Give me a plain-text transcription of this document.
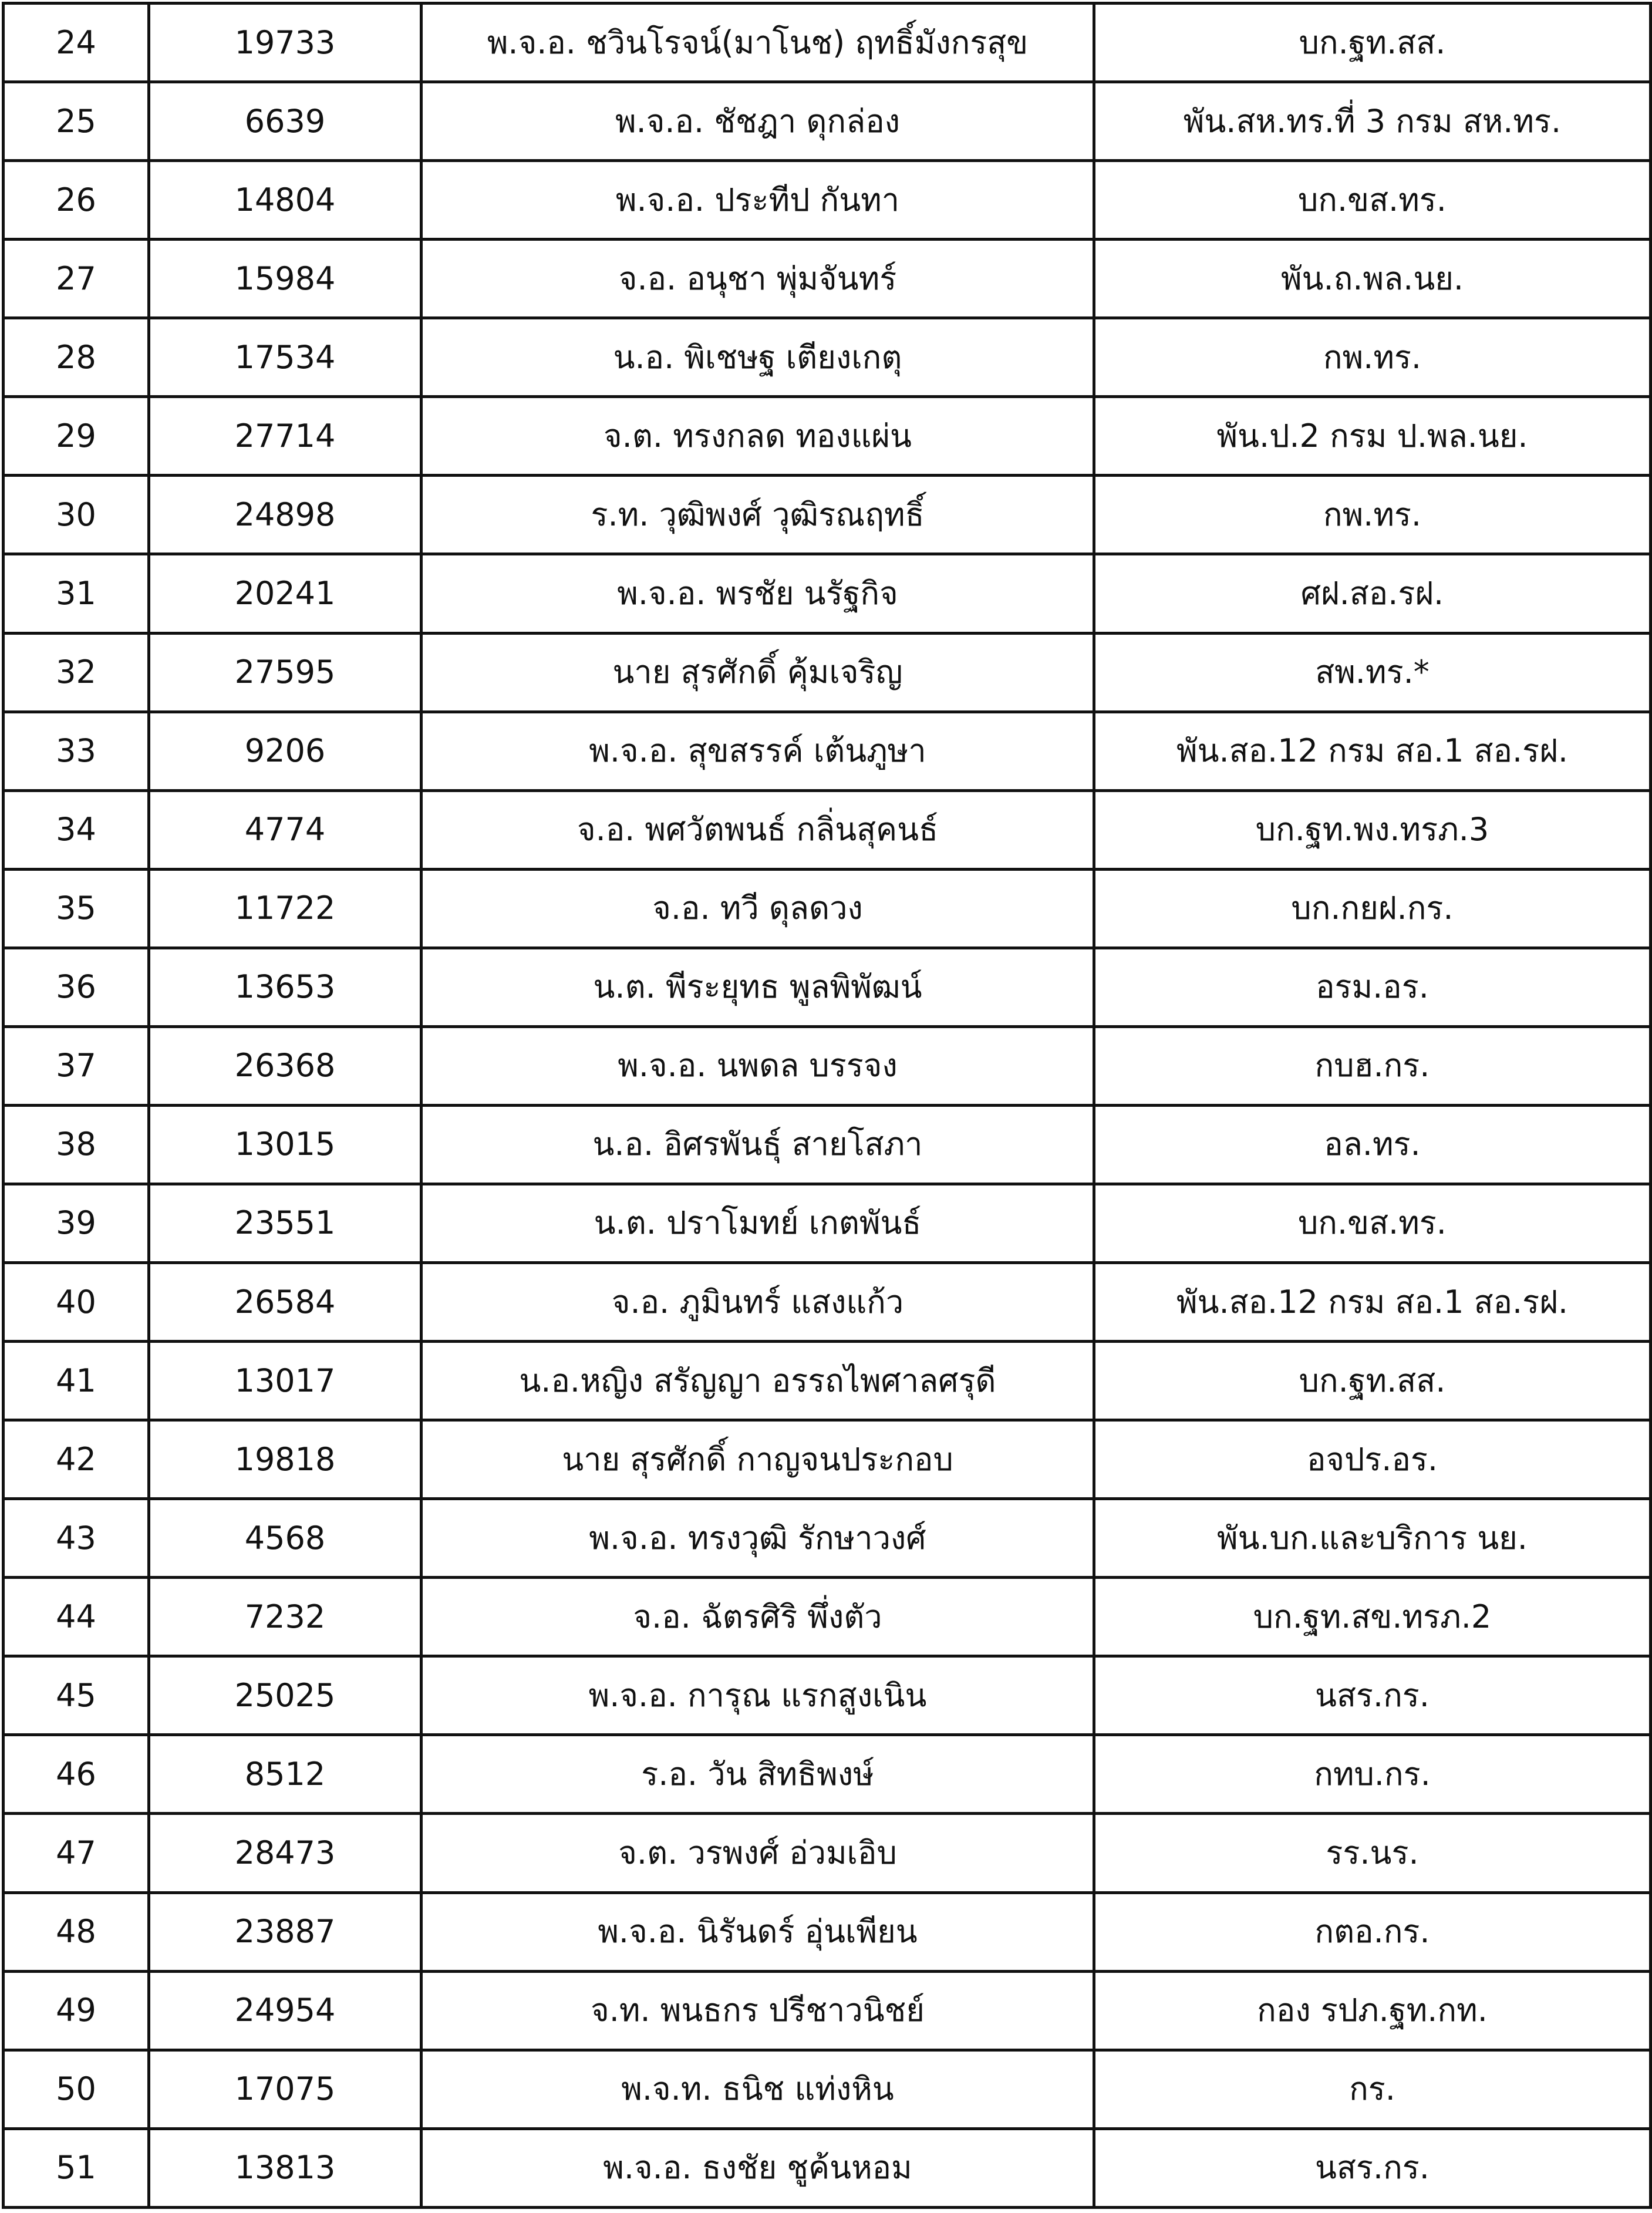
24	19733	พ.จ.อ. ชวินโรจน์(มาโนช) ฤทธิ์มังกรสุข	บก.ฐท.สส.
25	6639	พ.จ.อ. ชัชฎา ดุกล่อง	พัน.สห.ทร.ที่ 3 กรม สห.ทร.
26	14804	พ.จ.อ. ประทีป กันทา	บก.ขส.ทร.
27	15984	จ.อ. อนุชา พุ่มจันทร์	พัน.ถ.พล.นย.
28	17534	น.อ. พิเชษฐ เตียงเกตุ	กพ.ทร.
29	27714	จ.ต. ทรงกลด ทองแผ่น	พัน.ป.2 กรม ป.พล.นย.
30	24898	ร.ท. วุฒิพงศ์ วุฒิรณฤทธิ์	กพ.ทร.
31	20241	พ.จ.อ. พรชัย นรัฐกิจ	ศฝ.สอ.รฝ.
32	27595	นาย สุรศักดิ์ คุ้มเจริญ	สพ.ทร.*
33	9206	พ.จ.อ. สุขสรรค์ เต้นภูษา	พัน.สอ.12 กรม สอ.1 สอ.รฝ.
34	4774	จ.อ. พศวัตพนธ์ กลิ่นสุคนธ์	บก.ฐท.พง.ทรภ.3
35	11722	จ.อ. ทวี ดุลดวง	บก.กยฝ.กร.
36	13653	น.ต. พีระยุทธ พูลพิพัฒน์	อรม.อร.
37	26368	พ.จ.อ. นพดล บรรจง	กบฮ.กร.
38	13015	น.อ. อิศรพันธุ์ สายโสภา	อล.ทร.
39	23551	น.ต. ปราโมทย์ เกตพันธ์	บก.ขส.ทร.
40	26584	จ.อ. ภูมินทร์ แสงแก้ว	พัน.สอ.12 กรม สอ.1 สอ.รฝ.
41	13017	น.อ.หญิง สรัญญา อรรถไพศาลศรุดี	บก.ฐท.สส.
42	19818	นาย สุรศักดิ์ กาญจนประกอบ	อจปร.อร.
43	4568	พ.จ.อ. ทรงวุฒิ รักษาวงศ์	พัน.บก.และบริการ นย.
44	7232	จ.อ. ฉัตรศิริ พึ่งตัว	บก.ฐท.สข.ทรภ.2
45	25025	พ.จ.อ. การุณ แรกสูงเนิน	นสร.กร.
46	8512	ร.อ. วัน สิทธิพงษ์	กทบ.กร.
47	28473	จ.ต. วรพงศ์ อ่วมเอิบ	รร.นร.
48	23887	พ.จ.อ. นิรันดร์ อุ่นเพียน	กตอ.กร.
49	24954	จ.ท. พนธกร ปรีชาวนิชย์	กอง รปภ.ฐท.กท.
50	17075	พ.จ.ท. ธนิช แท่งหิน	กร.
51	13813	พ.จ.อ. ธงชัย ชูค้นหอม	นสร.กร.
